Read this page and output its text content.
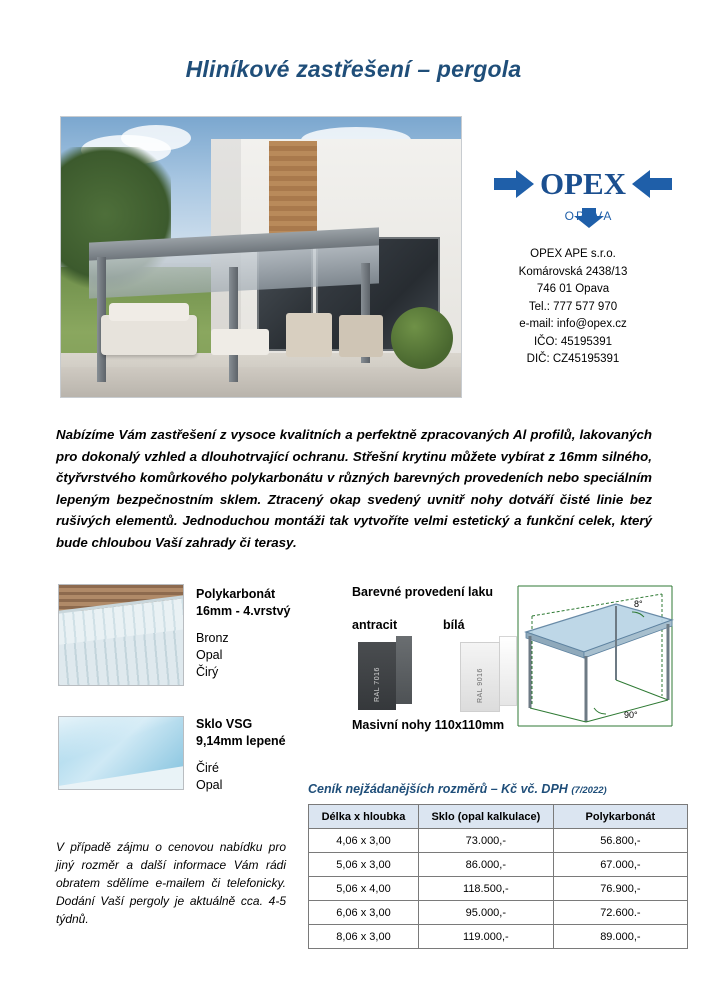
Hliníkové zastřešení – pergola
OPEX
OPAVA
OPEX APE s.r.o.
Komárovská 2438/13
746 01 Opava
Tel.: 777 577 970
e-mail: info@opex.cz
IČO: 45195391
DIČ: CZ45195391
Nabízíme Vám zastřešení z vysoce kvalitních a perfektně zpracovaných Al profilů, lakovaných pro dokonalý vzhled a dlouhotrvající ochranu. Střešní krytinu můžete vybírat z 16mm silného, čtyřvrstvého komůrkového polykarbonátu v různých barevných provedeních nebo speciálním lepeným bezpečnostním sklem. Ztracený okap svedený uvnitř nohy dotváří čisté linie bez rušivých elementů. Jednoduchou montáži tak vytvoříte velmi estetický a funkční celek, který bude chloubou Vaší zahrady či terasy.
Polykarbonát
16mm - 4.vrstvý
Bronz
Opal
Čirý
Sklo VSG
9,14mm lepené
Čiré
Opal
Barevné provedení laku
antracit	bílá
RAL 7016	RAL 9016
Masivní nohy 110x110mm
8°
90°
Ceník nejžádanějších rozměrů – Kč vč. DPH (7/2022)
Délka x hloubka	Sklo (opal kalkulace)	Polykarbonát
4,06 x 3,00	73.000,-	56.800,-
5,06 x 3,00	86.000,-	67.000,-
5,06 x 4,00	118.500,-	76.900,-
6,06 x 3,00	95.000,-	72.600.-
8,06 x 3,00	119.000,-	89.000,-
V případě zájmu o cenovou nabídku pro jiný rozměr a další informace Vám rádi obratem sdělíme e-mailem či telefonicky. Dodání Vaší pergoly je aktuálně cca. 4-5 týdnů.
